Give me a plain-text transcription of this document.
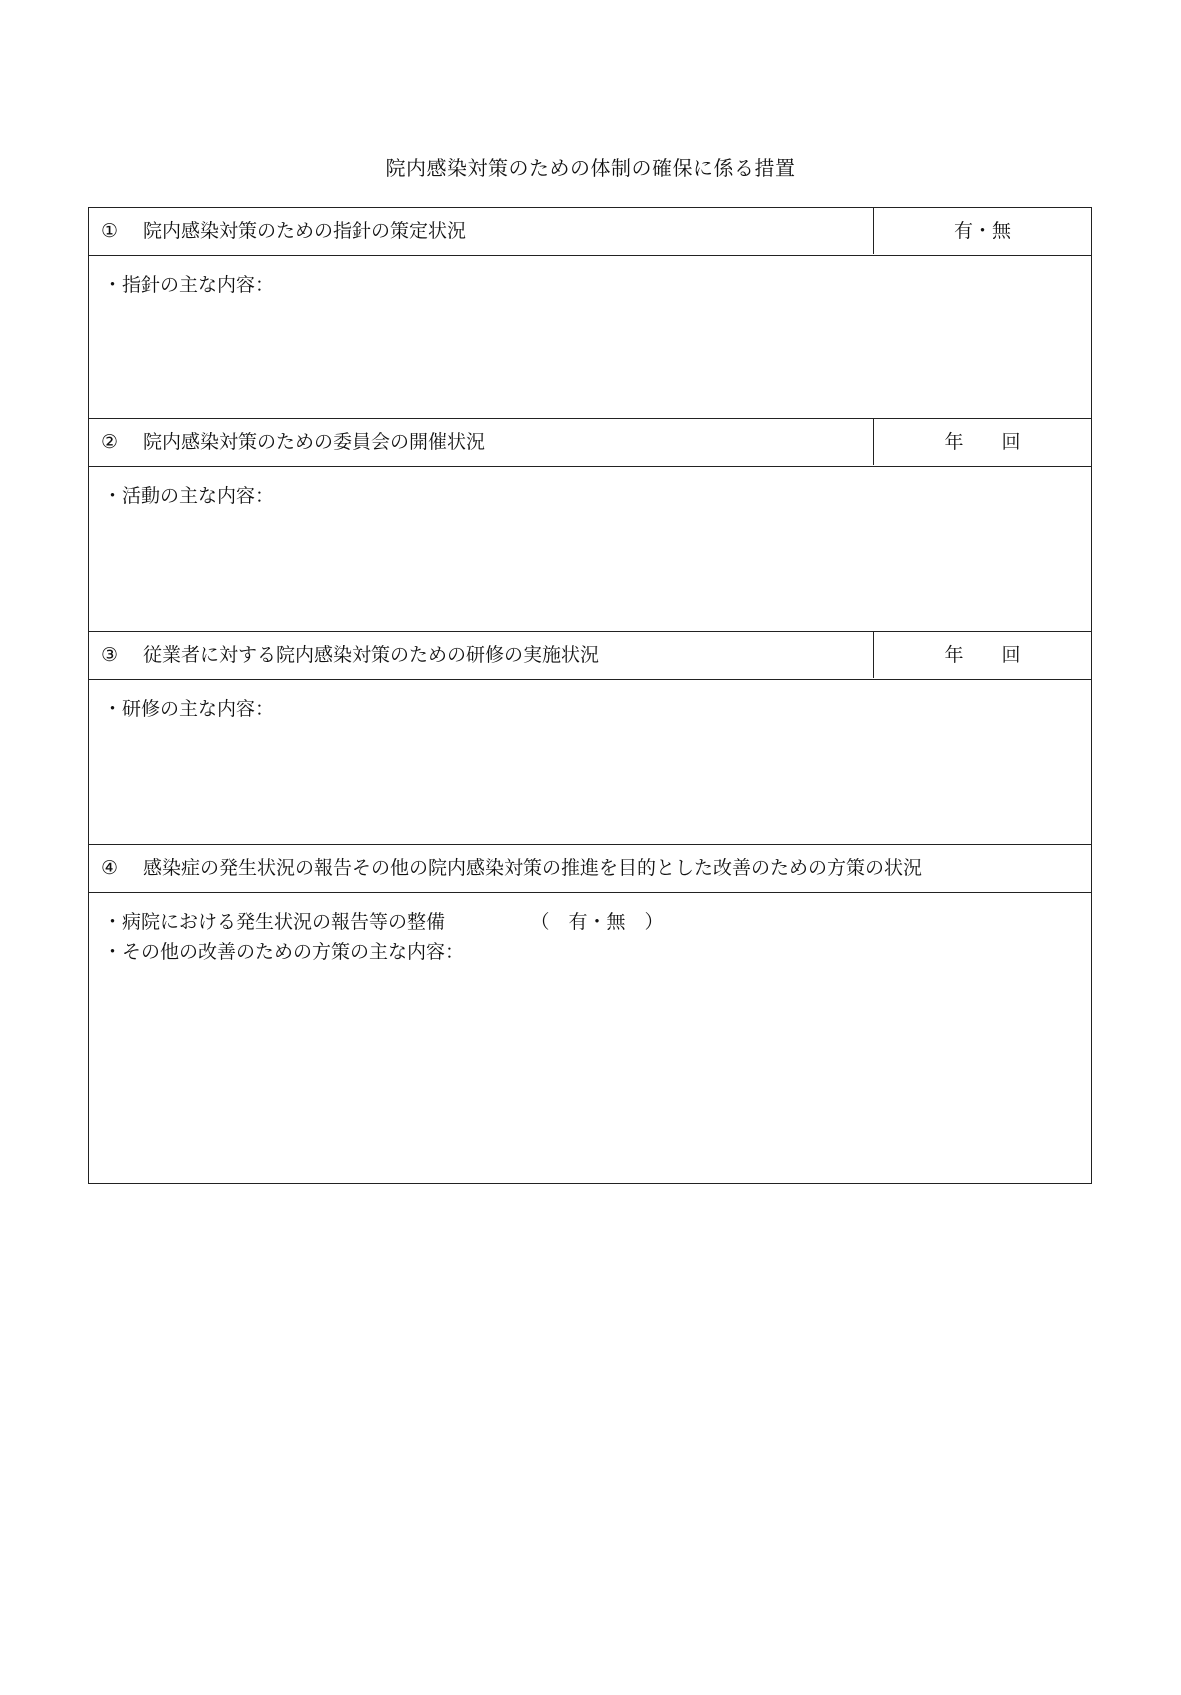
院内感染対策のための体制の確保に係る措置
① 院内感染対策のための指針の策定状況	有・無
・指針の主な内容：
② 院内感染対策のための委員会の開催状況	年　　回
・活動の主な内容：
③ 従業者に対する院内感染対策のための研修の実施状況	年　　回
・研修の主な内容：
④ 感染症の発生状況の報告その他の院内感染対策の推進を目的とした改善のための方策の状況
・病院における発生状況の報告等の整備　　　　　（　有・無　）
・その他の改善のための方策の主な内容：
